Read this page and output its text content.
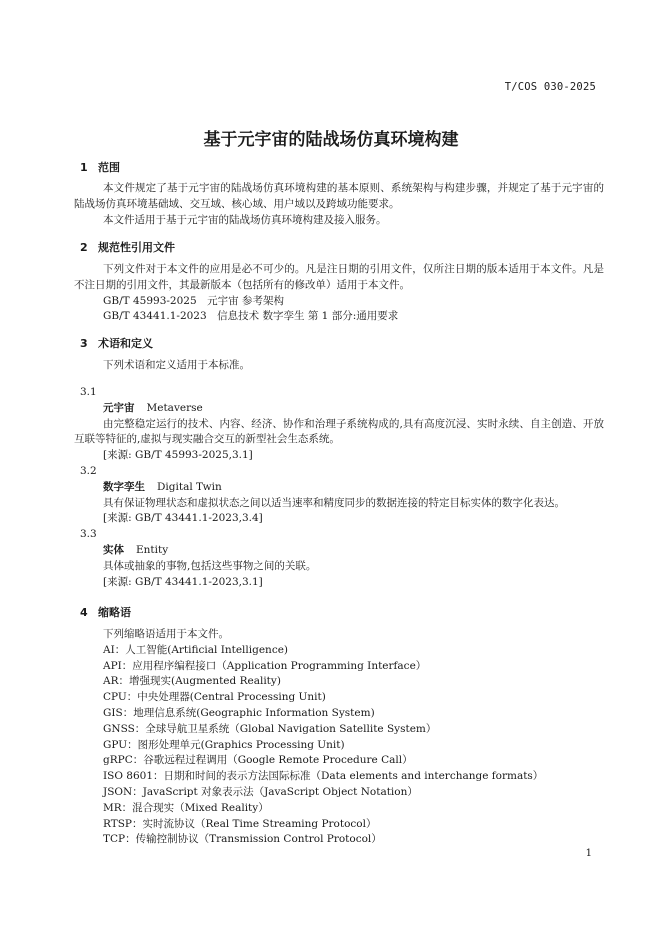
T/COS 030-2025
基于元宇宙的陆战场仿真环境构建
1 范围

本文件规定了基于元宇宙的陆战场仿真环境构建的基本原则、系统架构与构建步骤，并规定了基于元宇宙的陆战场仿真环境基础域、交互域、核心域、用户域以及跨域功能要求。

本文件适用于基于元宇宙的陆战场仿真环境构建及接入服务。

2 规范性引用文件

下列文件对于本文件的应用是必不可少的。凡是注日期的引用文件，仅所注日期的版本适用于本文件。凡是不注日期的引用文件，其最新版本（包括所有的修改单）适用于本文件。

GB/T 45993-2025　元宇宙 参考架构

GB/T 43441.1-2023　信息技术 数字孪生 第 1 部分:通用要求

3 术语和定义

下列术语和定义适用于本标准。

3.1

元宇宙 Metaverse

由完整稳定运行的技术、内容、经济、协作和治理子系统构成的,具有高度沉浸、实时永续、自主创造、开放互联等特征的,虚拟与现实融合交互的新型社会生态系统。

[来源: GB/T 45993-2025,3.1]

3.2

数字孪生 Digital Twin

具有保证物理状态和虚拟状态之间以适当速率和精度同步的数据连接的特定目标实体的数字化表达。

[来源: GB/T 43441.1-2023,3.4]

3.3

实体 Entity

具体或抽象的事物,包括这些事物之间的关联。

[来源: GB/T 43441.1-2023,3.1]

4 缩略语

下列缩略语适用于本文件。

AI：人工智能(Artificial Intelligence)

API：应用程序编程接口（Application Programming Interface）

AR：增强现实(Augmented Reality)

CPU：中央处理器(Central Processing Unit)

GIS：地理信息系统(Geographic Information System)

GNSS：全球导航卫星系统（Global Navigation Satellite System）

GPU：图形处理单元(Graphics Processing Unit)

gRPC：谷歌远程过程调用（Google Remote Procedure Call）

ISO 8601：日期和时间的表示方法国际标准（Data elements and interchange formats）

JSON：JavaScript 对象表示法（JavaScript Object Notation）

MR：混合现实（Mixed Reality）

RTSP：实时流协议（Real Time Streaming Protocol）

TCP：传输控制协议（Transmission Control Protocol）

1
